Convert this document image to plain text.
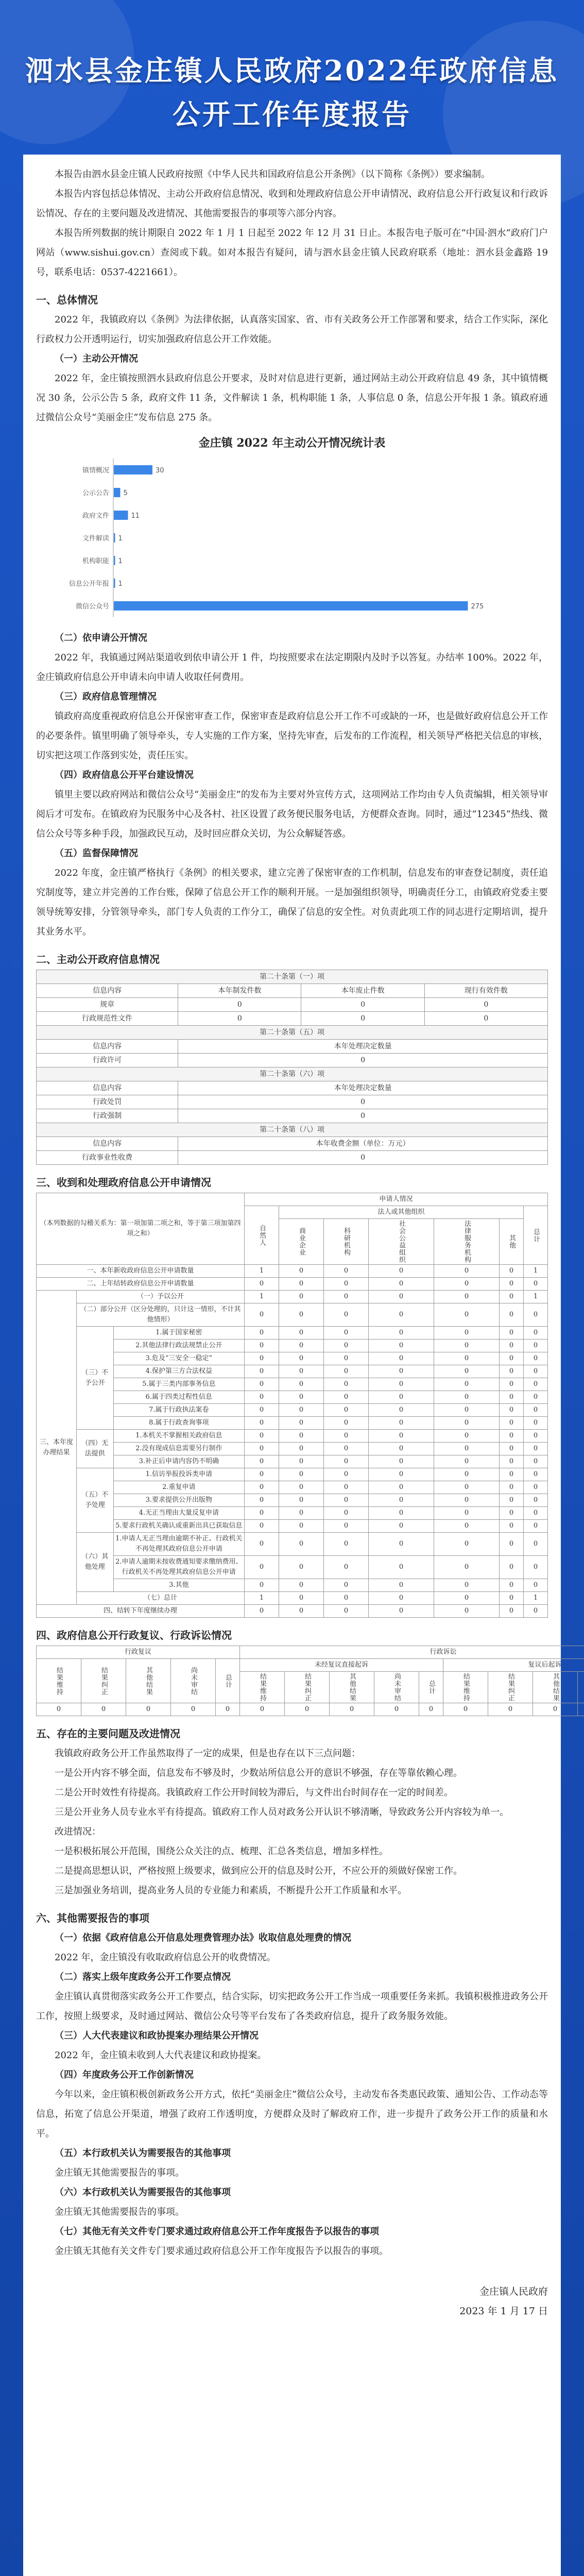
泗水县金庄镇人民政府2022年政府信息
公开工作年度报告

本报告由泗水县金庄镇人民政府按照《中华人民共和国政府信息公开条例》（以下简称《条例》）要求编制。

本报告内容包括总体情况、主动公开政府信息情况、收到和处理政府信息公开申请情况、政府信息公开行政复议和行政诉讼情况、存在的主要问题及改进情况、其他需要报告的事项等六部分内容。

本报告所列数据的统计期限自 2022 年 1 月 1 日起至 2022 年 12 月 31 日止。本报告电子版可在“中国·泗水”政府门户网站（www.sishui.gov.cn）查阅或下载。如对本报告有疑问，请与泗水县金庄镇人民政府联系（地址：泗水县金鑫路 19 号，联系电话：0537-4221661）。

一、总体情况

2022 年，我镇政府以《条例》为法律依据，认真落实国家、省、市有关政务公开工作部署和要求，结合工作实际，深化行政权力公开透明运行，切实加强政府信息公开工作效能。

（一）主动公开情况

2022 年，金庄镇按照泗水县政府信息公开要求，及时对信息进行更新，通过网站主动公开政府信息 49 条，其中镇情概况 30 条，公示公告 5 条，政府文件 11 条，文件解读 1 条，机构职能 1 条，人事信息 0 条，信息公开年报 1 条。镇政府通过微信公众号“美丽金庄”发布信息 275 条。

金庄镇 2022 年主动公开情况统计表
镇情概况	30
公示公告 5
政府文件	11
文件解读 1
机构职能 1
信息公开年报 1
微信公众号	275
（二）依申请公开情况

2022 年，我镇通过网站渠道收到依申请公开 1 件，均按照要求在法定期限内及时予以答复。办结率 100%。2022 年，金庄镇政府信息公开申请未向申请人收取任何费用。

（三）政府信息管理情况

镇政府高度重视政府信息公开保密审查工作，保密审查是政府信息公开工作不可或缺的一环，也是做好政府信息公开工作的必要条件。镇里明确了领导牵头，专人实施的工作方案，坚持先审查，后发布的工作流程，相关领导严格把关信息的审核，切实把这项工作落到实处，责任压实。

（四）政府信息公开平台建设情况

镇里主要以政府网站和微信公众号“美丽金庄”的发布为主要对外宣传方式，这项网站工作均由专人负责编辑，相关领导审阅后才可发布。在镇政府为民服务中心及各村、社区设置了政务便民服务电话，方便群众查询。同时，通过“12345”热线、微信公众号等多种手段，加强政民互动，及时回应群众关切，为公众解疑答惑。

（五）监督保障情况

2022 年度，金庄镇严格执行《条例》的相关要求，建立完善了保密审查的工作机制，信息发布的审查登记制度，责任追究制度等，建立并完善的工作台账，保障了信息公开工作的顺利开展。一是加强组织领导，明确责任分工，由镇政府党委主要领导统筹安排，分管领导牵头，部门专人负责的工作分工，确保了信息的安全性。对负责此项工作的同志进行定期培训，提升其业务水平。

二、主动公开政府信息情况
第二十条第（一）项			
信息内容	本年制发件数	本年废止件数	现行有效件数
规章	0	0	0
行政规范性文件	0	0	0
第二十条第（五）项			
信息内容	本年处理决定数量		
行政许可	0		
第二十条第（六）项			
信息内容	本年处理决定数量		
行政处罚	0		
行政强制	0		
第二十条第（八）项			
信息内容	本年收费金额（单位：万元）		
行政事业性收费	0		
三、收到和处理政府信息公开申请情况
（本列数据的勾稽关系为：第一项加第二项之和，等于第三项加第四项之和）			申请人情况						
			自然人	法人或其他组织					总计
				商业企业	科研机构	社会公益组织	法律服务机构	其他	
一、本年新收政府信息公开申请数量			1	0	0	0	0	0	1
二、上年结转政府信息公开申请数量			0	0	0	0	0	0	0
三、本年度办理结果	（一）予以公开		1	0	0	0	0	0	1
	（二）部分公开（区分处理的，只计这一情形，不计其他情形）		0	0	0	0	0	0	0
	（三）不予公开	1.属于国家秘密	0	0	0	0	0	0	0
		2.其他法律行政法规禁止公开	0	0	0	0	0	0	0
		3.危及“三安全一稳定”	0	0	0	0	0	0	0
		4.保护第三方合法权益	0	0	0	0	0	0	0
		5.属于三类内部事务信息	0	0	0	0	0	0	0
		6.属于四类过程性信息	0	0	0	0	0	0	0
		7.属于行政执法案卷	0	0	0	0	0	0	0
		8.属于行政查询事项	0	0	0	0	0	0	0
	（四）无法提供	1.本机关不掌握相关政府信息	0	0	0	0	0	0	0
		2.没有现成信息需要另行制作	0	0	0	0	0	0	0
		3.补正后申请内容仍不明确	0	0	0	0	0	0	0
	（五）不予处理	1.信访举报投诉类申请	0	0	0	0	0	0	0
		2.重复申请	0	0	0	0	0	0	0
		3.要求提供公开出版物	0	0	0	0	0	0	0
		4.无正当理由大量反复申请	0	0	0	0	0	0	0
		5.要求行政机关确认或重新出具已获取信息	0	0	0	0	0	0	0
	（六）其他处理	1.申请人无正当理由逾期不补正、行政机关不再处理其政府信息公开申请	0	0	0	0	0	0	0
		2.申请人逾期未按收费通知要求缴纳费用、行政机关不再处理其政府信息公开申请	0	0	0	0	0	0	0
		3.其他	0	0	0	0	0	0	0
	（七）总计		1	0	0	0	0	0	1
四、结转下年度继续办理			0	0	0	0	0	0	0
四、政府信息公开行政复议、行政诉讼情况
行政复议					行政诉讼									
结果维持	结果纠正	其他结果	尚未审结	总计	未经复议直接起诉					复议后起诉				
					结果维持	结果纠正	其他结果	尚未审结	总计	结果维持	结果纠正	其他结果		
0	0	0	0	0	0	0	0	0	0	0	0	0		
五、存在的主要问题及改进情况

我镇政府政务公开工作虽然取得了一定的成果，但是也存在以下三点问题：

一是公开内容不够全面，信息发布不够及时，少数站所信息公开的意识不够强，存在等靠依赖心理。

二是公开时效性有待提高。我镇政府工作公开时间较为滞后，与文件出台时间存在一定的时间差。

三是公开业务人员专业水平有待提高。镇政府工作人员对政务公开认识不够清晰，导致政务公开内容较为单一。

改进情况：

一是积极拓展公开范围，围绕公众关注的点、梳理、汇总各类信息，增加多样性。

二是提高思想认识，严格按照上级要求，做到应公开的信息及时公开，不应公开的须做好保密工作。

三是加强业务培训，提高业务人员的专业能力和素质，不断提升公开工作质量和水平。

六、其他需要报告的事项
（一）依据《政府信息公开信息处理费管理办法》收取信息处理费的情况

2022 年，金庄镇没有收取政府信息公开的收费情况。

（二）落实上级年度政务公开工作要点情况

金庄镇认真贯彻落实政务公开工作要点，结合实际，切实把政务公开工作当成一项重要任务来抓。我镇积极推进政务公开工作，按照上级要求，及时通过网站、微信公众号等平台发布了各类政府信息，提升了政务服务效能。

（三）人大代表建议和政协提案办理结果公开情况

2022 年，金庄镇未收到人大代表建议和政协提案。

（四）年度政务公开工作创新情况

今年以来，金庄镇积极创新政务公开方式，依托“美丽金庄”微信公众号，主动发布各类惠民政策、通知公告、工作动态等信息，拓宽了信息公开渠道，增强了政府工作透明度，方便群众及时了解政府工作，进一步提升了政务公开工作的质量和水平。

（五）本行政机关认为需要报告的其他事项

金庄镇无其他需要报告的事项。

（六）本行政机关认为需要报告的其他事项

金庄镇无其他需要报告的事项。

（七）其他无有关文件专门要求通过政府信息公开工作年度报告予以报告的事项

金庄镇无其他有关文件专门要求通过政府信息公开工作年度报告予以报告的事项。

金庄镇人民政府

2023 年 1 月 17 日
